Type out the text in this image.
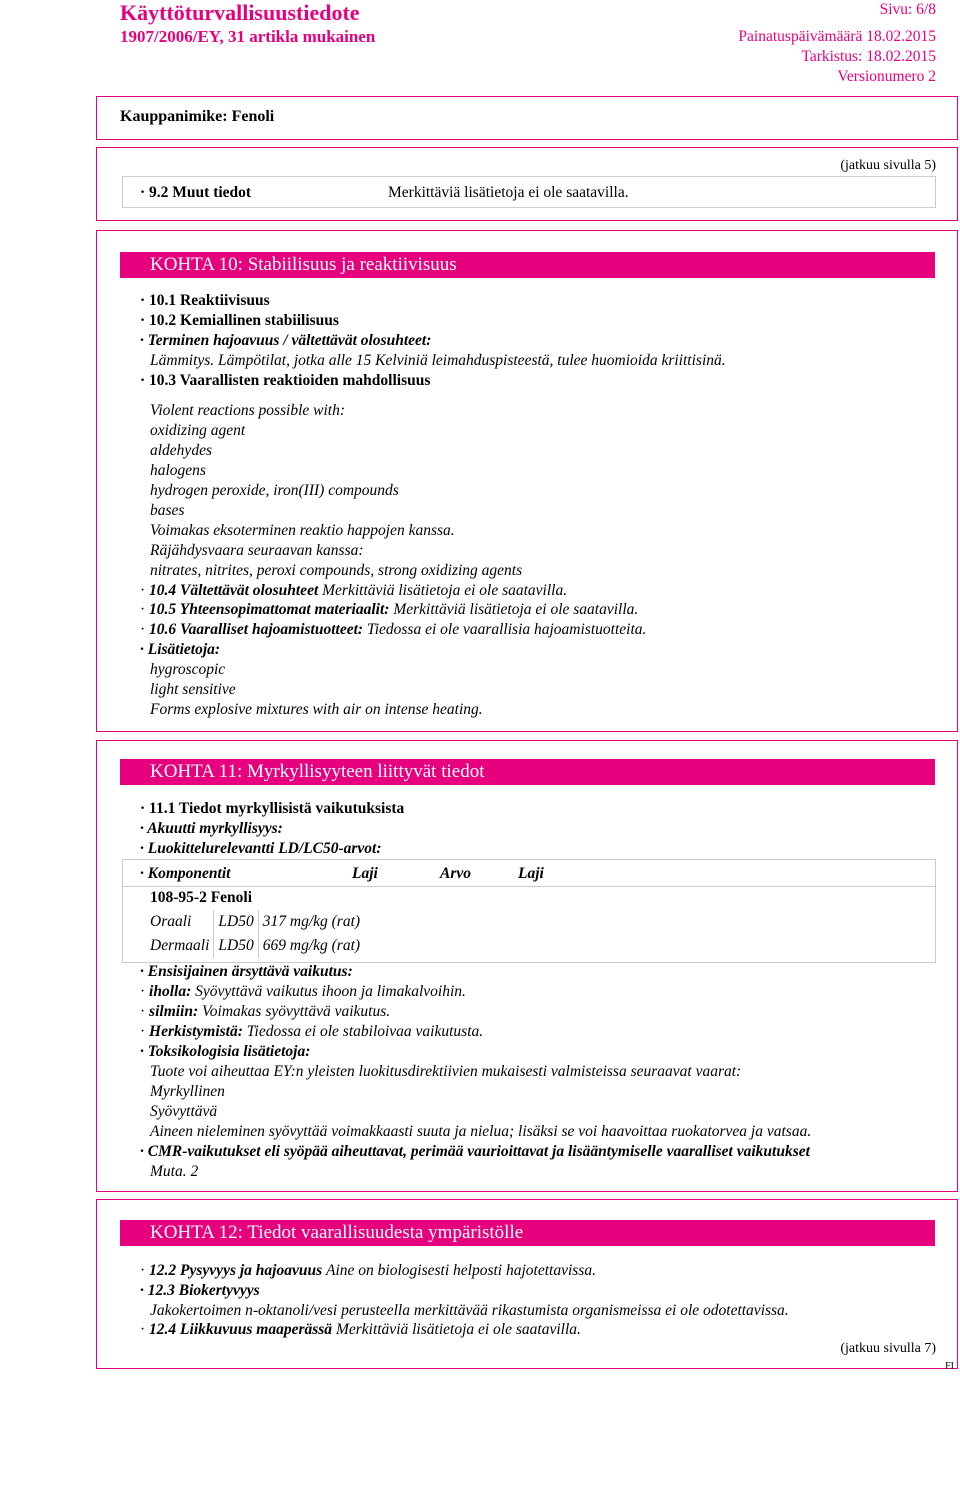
Käyttöturvallisuustiedote	Sivu: 6/8
1907/2006/EY, 31 artikla mukainen	Painatuspäivämäärä 18.02.2015
Tarkistus: 18.02.2015
Versionumero 2
Kauppanimike: Fenoli
(jatkuu sivulla 5)
· 9.2 Muut tiedot	Merkittäviä lisätietoja ei ole saatavilla.
KOHTA 10: Stabiilisuus ja reaktiivisuus
· 10.1 Reaktiivisuus
· 10.2 Kemiallinen stabiilisuus
· Terminen hajoavuus / vältettävät olosuhteet:
Lämmitys. Lämpötilat, jotka alle 15 Kelviniä leimahduspisteestä, tulee huomioida kriittisinä.
· 10.3 Vaarallisten reaktioiden mahdollisuus
Violent reactions possible with:
oxidizing agent
aldehydes
halogens
hydrogen peroxide, iron(III) compounds
bases
Voimakas eksoterminen reaktio happojen kanssa.
Räjähdysvaara seuraavan kanssa:
nitrates, nitrites, peroxi compounds, strong oxidizing agents
· 10.4 Vältettävät olosuhteet Merkittäviä lisätietoja ei ole saatavilla.
· 10.5 Yhteensopimattomat materiaalit: Merkittäviä lisätietoja ei ole saatavilla.
· 10.6 Vaaralliset hajoamistuotteet: Tiedossa ei ole vaarallisia hajoamistuotteita.
· Lisätietoja:
hygroscopic
light sensitive
Forms explosive mixtures with air on intense heating.
KOHTA 11: Myrkyllisyyteen liittyvät tiedot
· 11.1 Tiedot myrkyllisistä vaikutuksista
· Akuutti myrkyllisyys:
· Luokittelurelevantti LD/LC50-arvot:
· Komponentit	Laji	Arvo	Laji
108-95-2 Fenoli
Oraali	LD50	317 mg/kg (rat)
Dermaali	LD50	669 mg/kg (rat)
· Ensisijainen ärsyttävä vaikutus:
· iholla: Syövyttävä vaikutus ihoon ja limakalvoihin.
· silmiin: Voimakas syövyttävä vaikutus.
· Herkistymistä: Tiedossa ei ole stabiloivaa vaikutusta.
· Toksikologisia lisätietoja:
Tuote voi aiheuttaa EY:n yleisten luokitusdirektiivien mukaisesti valmisteissa seuraavat vaarat:
Myrkyllinen
Syövyttävä
Aineen nieleminen syövyttää voimakkaasti suuta ja nielua; lisäksi se voi haavoittaa ruokatorvea ja vatsaa.
· CMR-vaikutukset eli syöpää aiheuttavat, perimää vaurioittavat ja lisääntymiselle vaaralliset vaikutukset
Muta. 2
KOHTA 12: Tiedot vaarallisuudesta ympäristölle
· 12.2 Pysyvyys ja hajoavuus Aine on biologisesti helposti hajotettavissa.
· 12.3 Biokertyvyys
Jakokertoimen n-oktanoli/vesi perusteella merkittävää rikastumista organismeissa ei ole odotettavissa.
· 12.4 Liikkuvuus maaperässä Merkittäviä lisätietoja ei ole saatavilla.
(jatkuu sivulla 7)
FI
